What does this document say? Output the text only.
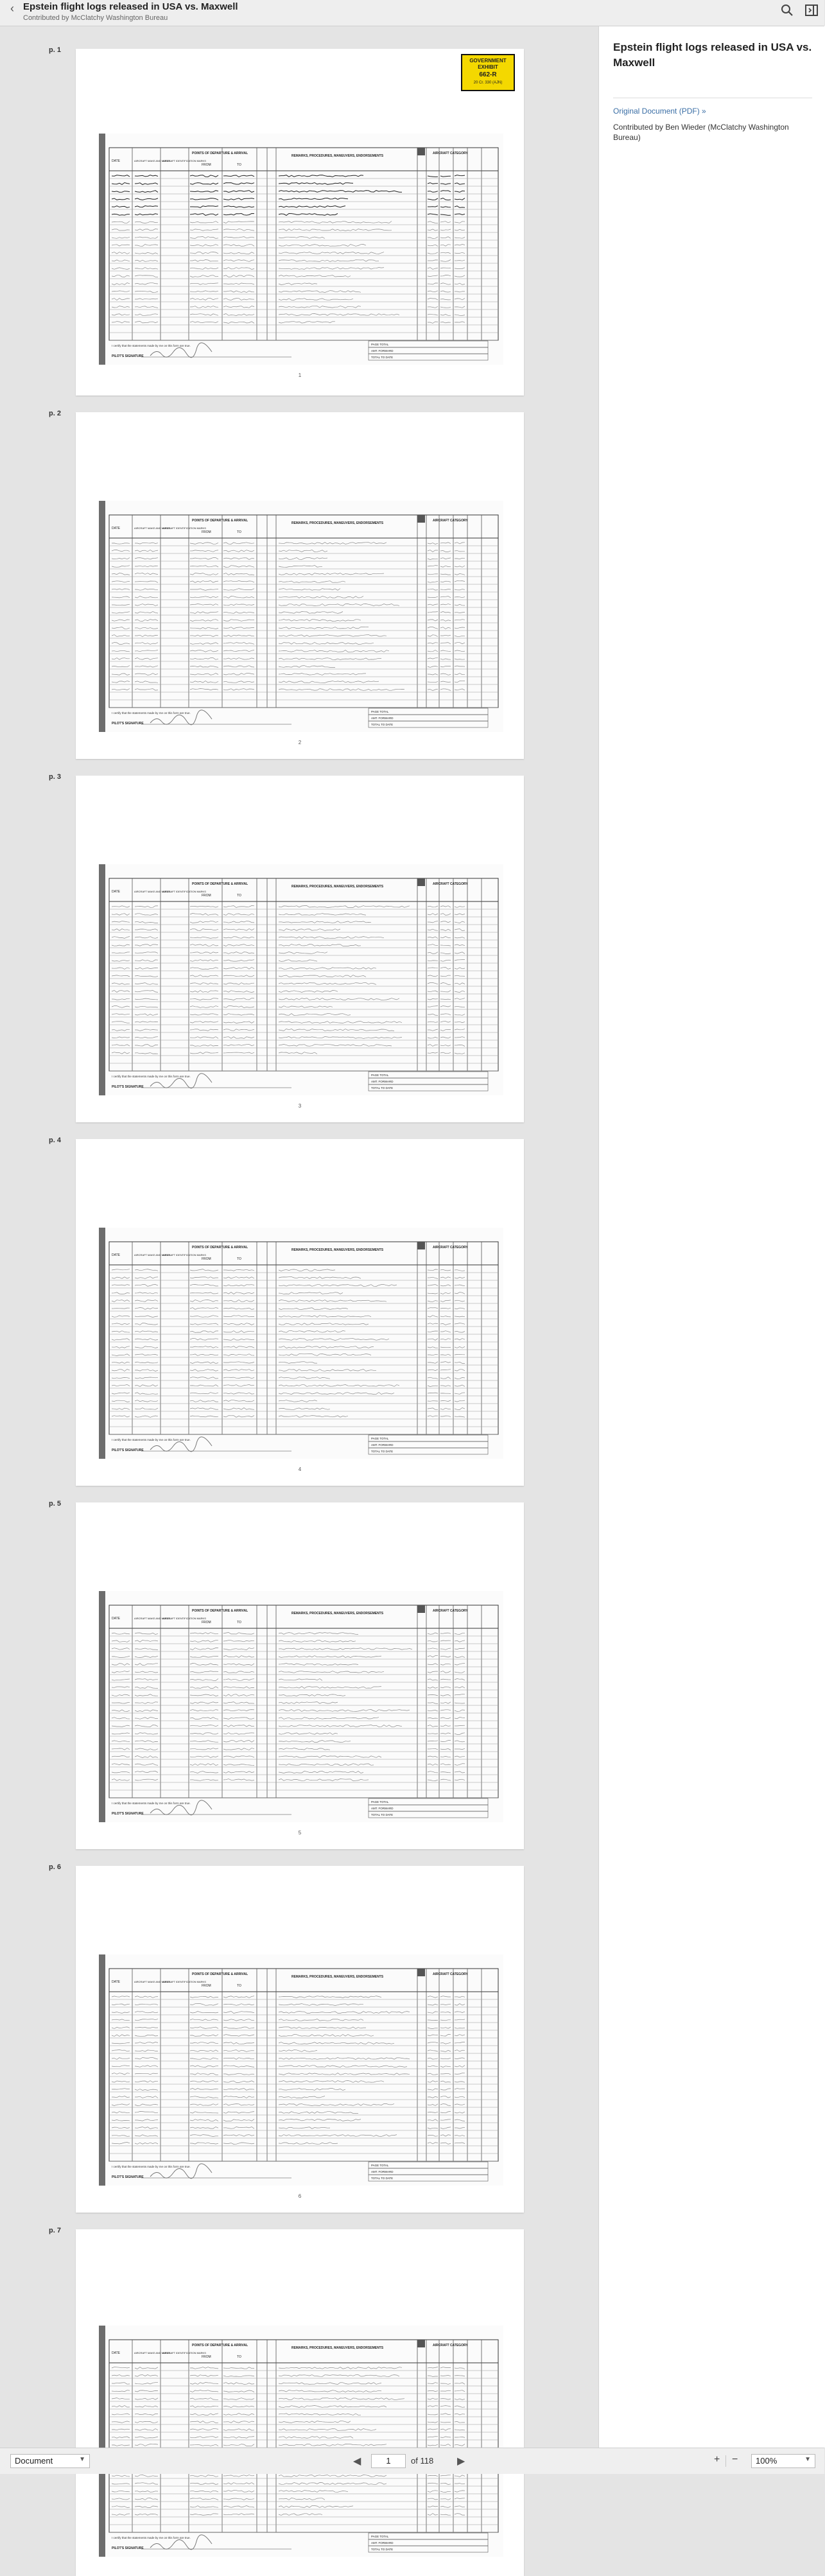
‹ Epstein flight logs released in USA vs. Maxwell
Contributed by McClatchy Washington Bureau
p. 1
DATE	AIRCRAFT MAKE AND MODEL
AIRCRAFT IDENTIFICATION MARKS
POINTS OF DEPARTURE & ARRIVAL
FROM	TO
REMARKS, PROCEDURES, MANEUVERS, ENDORSEMENTS
AIRCRAFT CATEGORY
I certify that the statements made by me on this form are true.
PILOT'S SIGNATURE
PAGE TOTAL
AMT. FORWARD
TOTAL TO DATE
GOVERNMENT
EXHIBIT
662-R
20 Cr. 330 (AJN)
1
p. 2
DATE	AIRCRAFT MAKE AND MODEL
AIRCRAFT IDENTIFICATION MARKS
POINTS OF DEPARTURE & ARRIVAL
FROM	TO
REMARKS, PROCEDURES, MANEUVERS, ENDORSEMENTS
AIRCRAFT CATEGORY
I certify that the statements made by me on this form are true.
PILOT'S SIGNATURE
PAGE TOTAL
AMT. FORWARD
TOTAL TO DATE
2
p. 3
DATE	AIRCRAFT MAKE AND MODEL
AIRCRAFT IDENTIFICATION MARKS
POINTS OF DEPARTURE & ARRIVAL
FROM	TO
REMARKS, PROCEDURES, MANEUVERS, ENDORSEMENTS
AIRCRAFT CATEGORY
I certify that the statements made by me on this form are true.
PILOT'S SIGNATURE
PAGE TOTAL
AMT. FORWARD
TOTAL TO DATE
3
p. 4
DATE	AIRCRAFT MAKE AND MODEL
AIRCRAFT IDENTIFICATION MARKS
POINTS OF DEPARTURE & ARRIVAL
FROM	TO
REMARKS, PROCEDURES, MANEUVERS, ENDORSEMENTS
AIRCRAFT CATEGORY
I certify that the statements made by me on this form are true.
PILOT'S SIGNATURE
PAGE TOTAL
AMT. FORWARD
TOTAL TO DATE
4
p. 5
DATE	AIRCRAFT MAKE AND MODEL
AIRCRAFT IDENTIFICATION MARKS
POINTS OF DEPARTURE & ARRIVAL
FROM	TO
REMARKS, PROCEDURES, MANEUVERS, ENDORSEMENTS
AIRCRAFT CATEGORY
I certify that the statements made by me on this form are true.
PILOT'S SIGNATURE
PAGE TOTAL
AMT. FORWARD
TOTAL TO DATE
5
p. 6
DATE	AIRCRAFT MAKE AND MODEL
AIRCRAFT IDENTIFICATION MARKS
POINTS OF DEPARTURE & ARRIVAL
FROM	TO
REMARKS, PROCEDURES, MANEUVERS, ENDORSEMENTS
AIRCRAFT CATEGORY
I certify that the statements made by me on this form are true.
PILOT'S SIGNATURE
PAGE TOTAL
AMT. FORWARD
TOTAL TO DATE
6
p. 7
DATE	AIRCRAFT MAKE AND MODEL
AIRCRAFT IDENTIFICATION MARKS
POINTS OF DEPARTURE & ARRIVAL
FROM	TO
REMARKS, PROCEDURES, MANEUVERS, ENDORSEMENTS
AIRCRAFT CATEGORY
I certify that the statements made by me on this form are true.
PILOT'S SIGNATURE
PAGE TOTAL
AMT. FORWARD
TOTAL TO DATE
Epstein flight logs released in USA vs. Maxwell
Original Document (PDF) »
Contributed by Ben Wieder (McClatchy Washington Bureau)
Document	▼	◀	1	of 118 ▶	+ −	100%	▼
